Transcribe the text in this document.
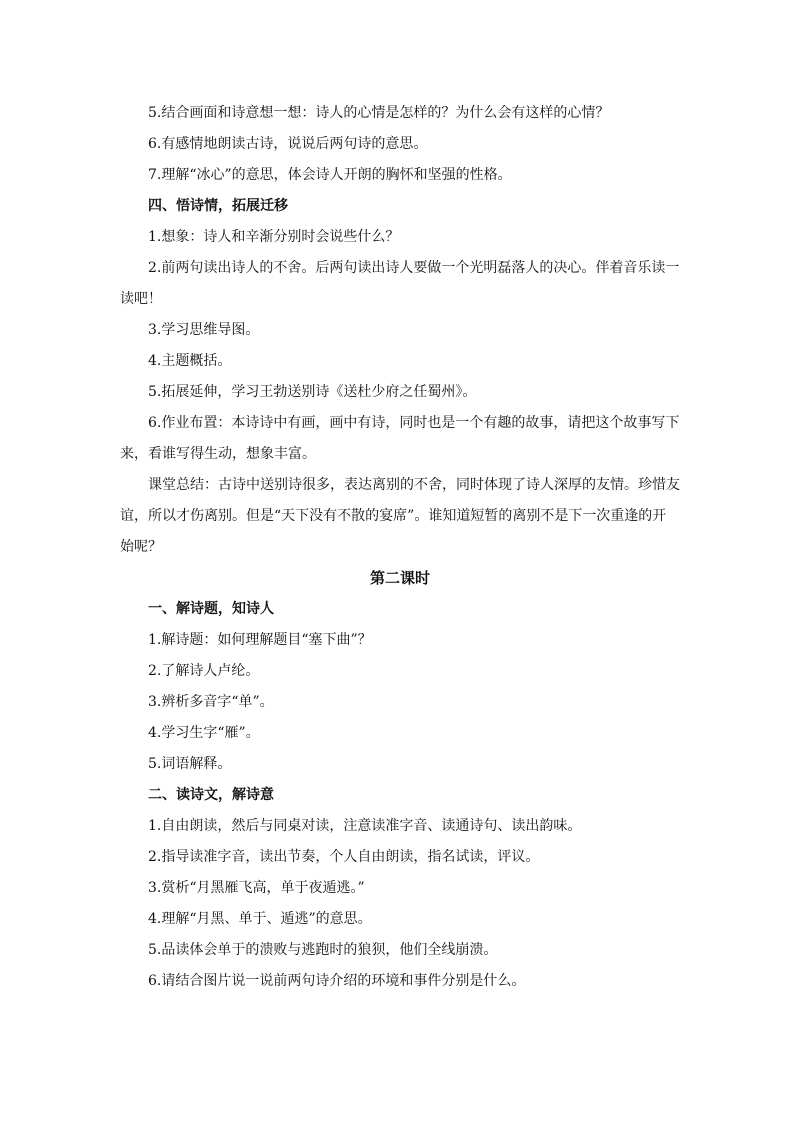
5.结合画面和诗意想一想：诗人的心情是怎样的？为什么会有这样的心情？

6.有感情地朗读古诗，说说后两句诗的意思。

7.理解“冰心”的意思，体会诗人开朗的胸怀和坚强的性格。

四、悟诗情，拓展迁移

1.想象：诗人和辛渐分别时会说些什么？

2.前两句读出诗人的不舍。后两句读出诗人要做一个光明磊落人的决心。伴着音乐读一读吧！

3.学习思维导图。

4.主题概括。

5.拓展延伸，学习王勃送别诗《送杜少府之任蜀州》。

6.作业布置：本诗诗中有画，画中有诗，同时也是一个有趣的故事，请把这个故事写下来，看谁写得生动，想象丰富。

课堂总结：古诗中送别诗很多，表达离别的不舍，同时体现了诗人深厚的友情。珍惜友谊，所以才伤离别。但是“天下没有不散的宴席”。谁知道短暂的离别不是下一次重逢的开始呢？

第二课时

一、解诗题，知诗人

1.解诗题：如何理解题目“塞下曲”？

2.了解诗人卢纶。

3.辨析多音字“单”。

4.学习生字“雁”。

5.词语解释。

二、读诗文，解诗意

1.自由朗读，然后与同桌对读，注意读准字音、读通诗句、读出韵味。

2.指导读准字音，读出节奏，个人自由朗读，指名试读，评议。

3.赏析“月黑雁飞高，单于夜遁逃。”

4.理解“月黑、单于、遁逃”的意思。

5.品读体会单于的溃败与逃跑时的狼狈，他们全线崩溃。

6.请结合图片说一说前两句诗介绍的环境和事件分别是什么。
